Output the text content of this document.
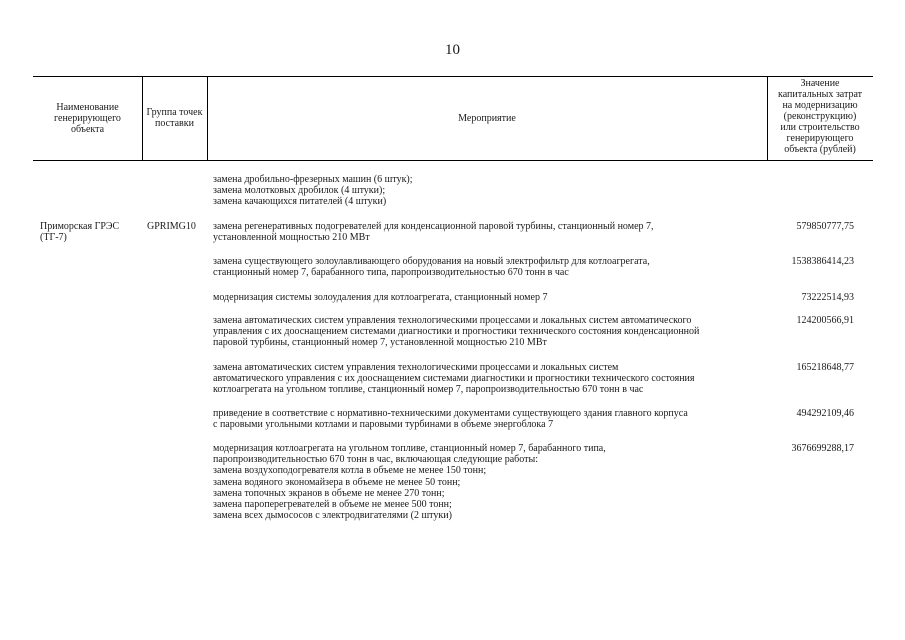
10
Наименование
генерирующего
объекта
Группа точек
поставки	Мероприятие
Значение
капитальных затрат
на модернизацию
(реконструкцию)
или строительство
генерирующего
объекта (рублей)
Приморская ГРЭС
(ТГ-7)
GPRIMG10
замена дробильно-фрезерных машин (6 штук);
замена молотковых дробилок (4 штуки);
замена качающихся питателей (4 штуки)
замена регенеративных подогревателей для конденсационной паровой турбины, станционный номер 7,
установленной мощностью 210 МВт
579850777,75
замена существующего золоулавливающего оборудования на новый электрофильтр для котлоагрегата,
станционный номер 7, барабанного типа, паропроизводительностью 670 тонн в час
1538386414,23
модернизация системы золоудаления для котлоагрегата, станционный номер 7	73222514,93
замена автоматических систем управления технологическими процессами и локальных систем автоматического
управления с их дооснащением системами диагностики и прогностики технического состояния конденсационной
паровой турбины, станционный номер 7, установленной мощностью 210 МВт
124200566,91
замена автоматических систем управления технологическими процессами и локальных систем
автоматического управления с их дооснащением системами диагностики и прогностики технического состояния
котлоагрегата на угольном топливе, станционный номер 7, паропроизводительностью 670 тонн в час
165218648,77
приведение в соответствие с нормативно-техническими документами существующего здания главного корпуса
с паровыми угольными котлами и паровыми турбинами в объеме энергоблока 7
494292109,46
модернизация котлоагрегата на угольном топливе, станционный номер 7, барабанного типа,
паропроизводительностью 670 тонн в час, включающая следующие работы:
замена воздухоподогревателя котла в объеме не менее 150 тонн;
замена водяного экономайзера в объеме не менее 50 тонн;
замена топочных экранов в объеме не менее 270 тонн;
замена пароперегревателей в объеме не менее 500 тонн;
замена всех дымососов с электродвигателями (2 штуки)
3676699288,17
